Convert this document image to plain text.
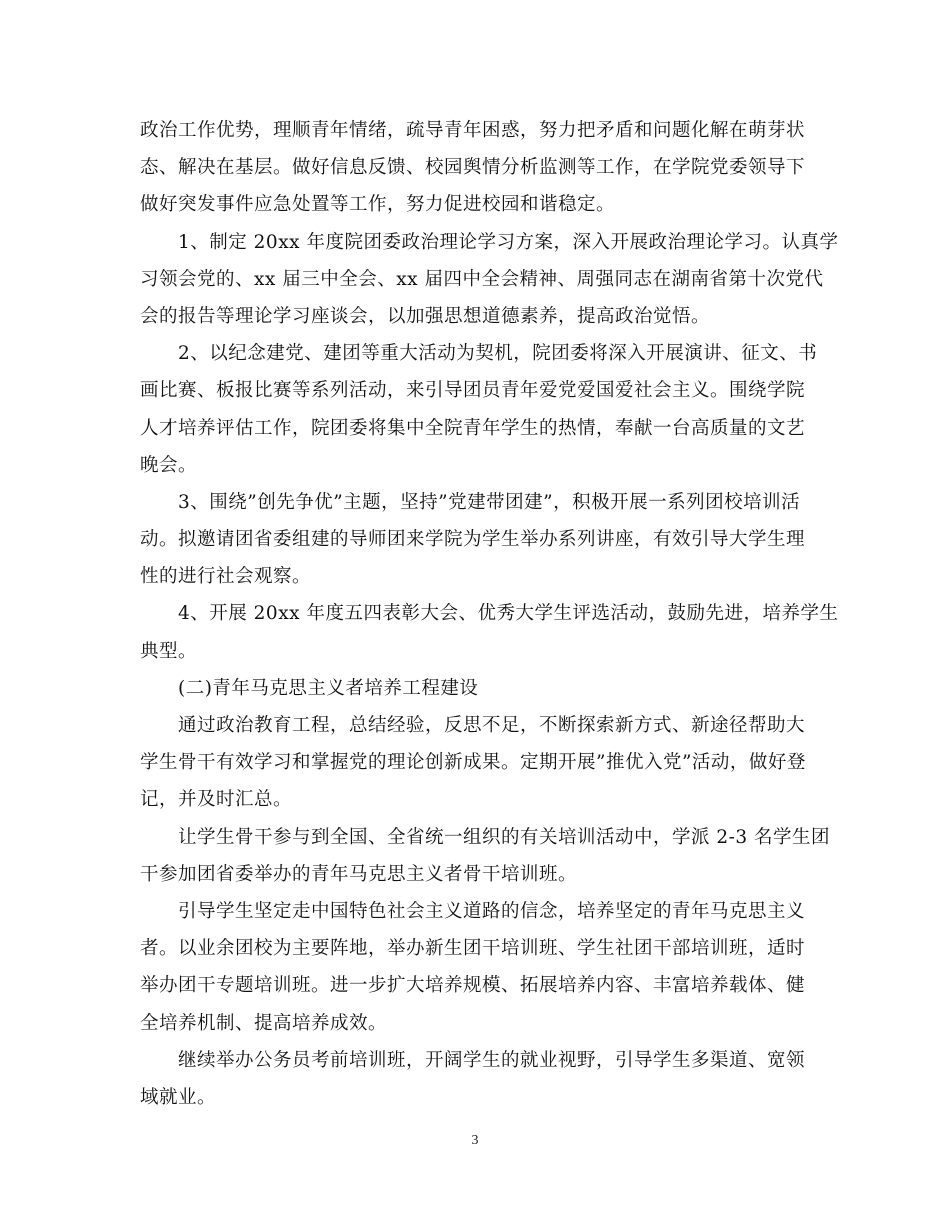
政治工作优势，理顺青年情绪，疏导青年困惑，努力把矛盾和问题化解在萌芽状
态、解决在基层。做好信息反馈、校园舆情分析监测等工作，在学院党委领导下
做好突发事件应急处置等工作，努力促进校园和谐稳定。

1、制定 20xx 年度院团委政治理论学习方案，深入开展政治理论学习。认真学
习领会党的、xx 届三中全会、xx 届四中全会精神、周强同志在湖南省第十次党代
会的报告等理论学习座谈会，以加强思想道德素养，提高政治觉悟。

2、以纪念建党、建团等重大活动为契机，院团委将深入开展演讲、征文、书
画比赛、板报比赛等系列活动，来引导团员青年爱党爱国爱社会主义。围绕学院
人才培养评估工作，院团委将集中全院青年学生的热情，奉献一台高质量的文艺
晚会。

3、围绕”创先争优”主题，坚持”党建带团建”，积极开展一系列团校培训活
动。拟邀请团省委组建的导师团来学院为学生举办系列讲座，有效引导大学生理
性的进行社会观察。

4、开展 20xx 年度五四表彰大会、优秀大学生评选活动，鼓励先进，培养学生
典型。

(二)青年马克思主义者培养工程建设

通过政治教育工程，总结经验，反思不足，不断探索新方式、新途径帮助大
学生骨干有效学习和掌握党的理论创新成果。定期开展”推优入党”活动，做好登
记，并及时汇总。

让学生骨干参与到全国、全省统一组织的有关培训活动中，学派 2-3 名学生团
干参加团省委举办的青年马克思主义者骨干培训班。

引导学生坚定走中国特色社会主义道路的信念，培养坚定的青年马克思主义
者。以业余团校为主要阵地，举办新生团干培训班、学生社团干部培训班，适时
举办团干专题培训班。进一步扩大培养规模、拓展培养内容、丰富培养载体、健
全培养机制、提高培养成效。

继续举办公务员考前培训班，开阔学生的就业视野，引导学生多渠道、宽领
域就业。

3
